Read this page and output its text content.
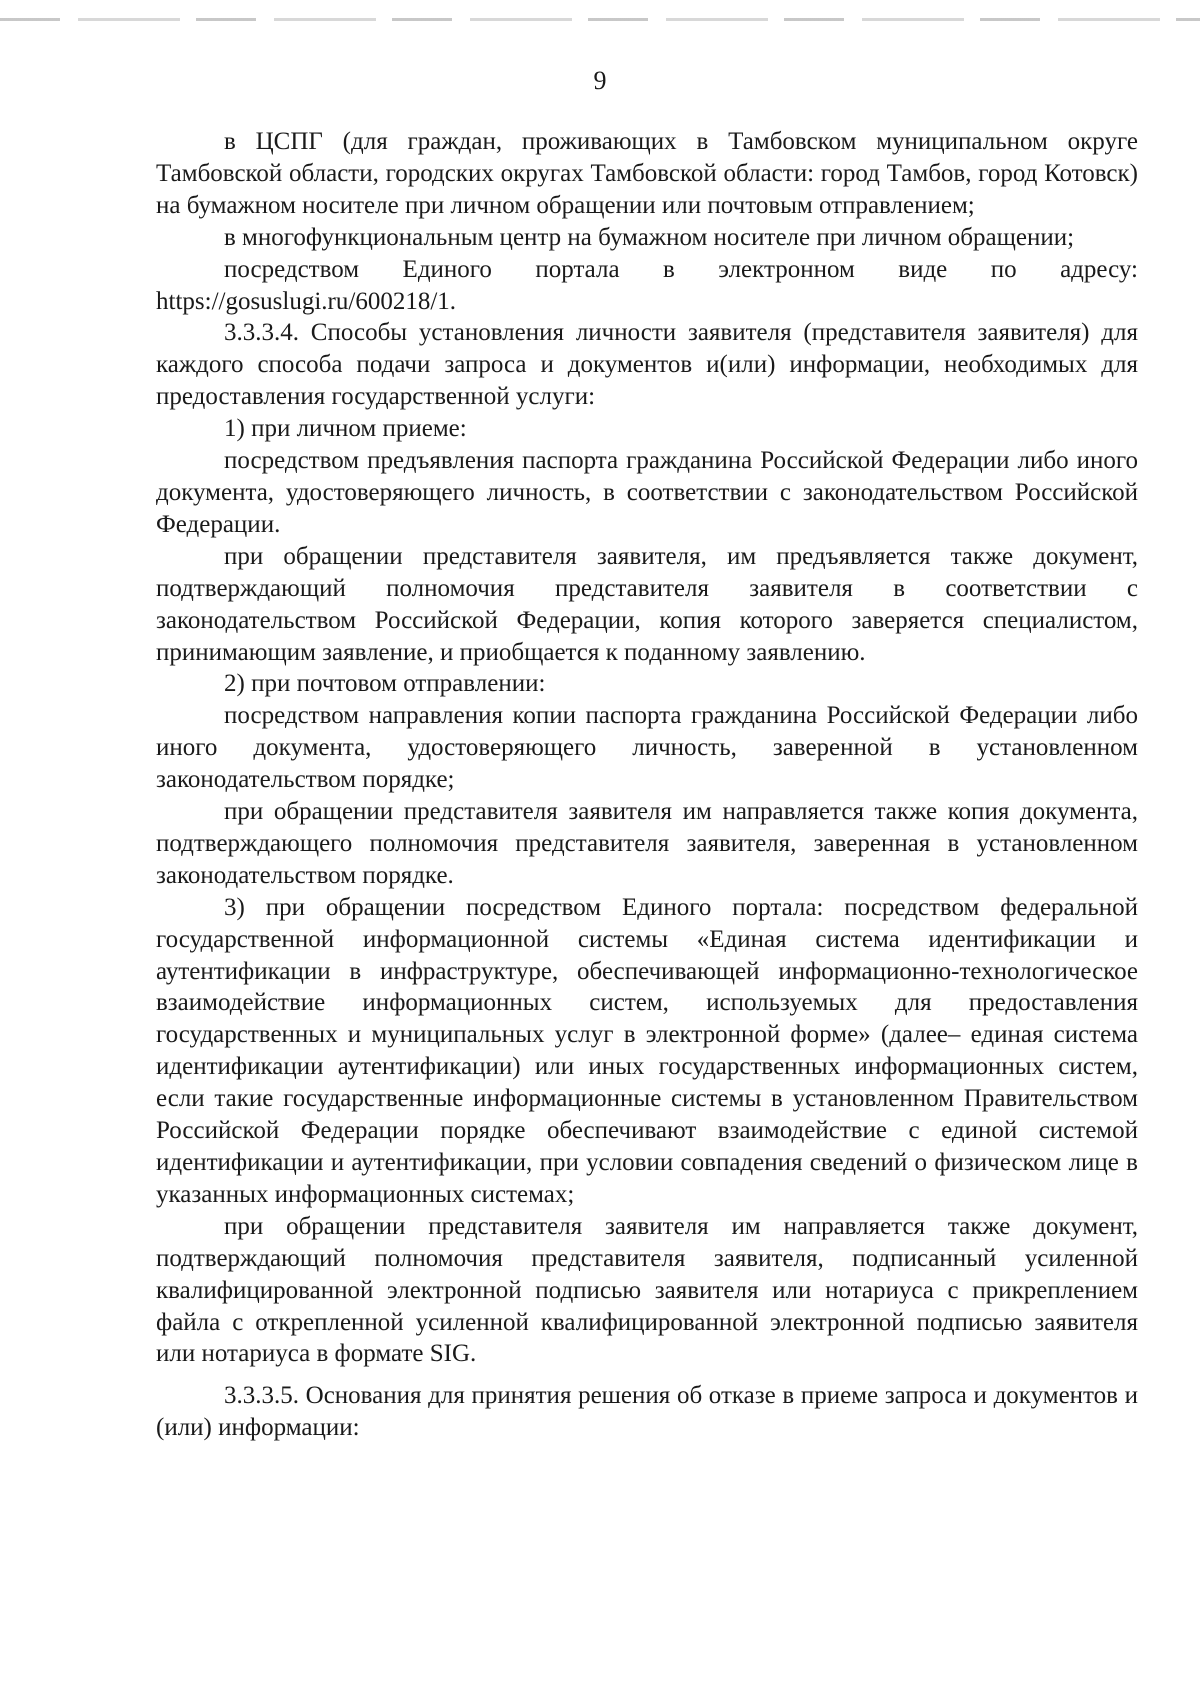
9

в ЦСПГ (для граждан, проживающих в Тамбовском муниципальном округе Тамбовской области, городских округах Тамбовской области: город Тамбов, город Котовск) на бумажном носителе при личном обращении или почтовым отправлением;

в многофункциональным центр на бумажном носителе при личном обращении;

посредством Единого портала в электронном виде по адресу: https://gosuslugi.ru/600218/1.

3.3.3.4. Способы установления личности заявителя (представителя заявителя) для каждого способа подачи запроса и документов и(или) информации, необходимых для предоставления государственной услуги:

1) при личном приеме:

посредством предъявления паспорта гражданина Российской Федерации либо иного документа, удостоверяющего личность, в соответствии с законодательством Российской Федерации.

при обращении представителя заявителя, им предъявляется также документ, подтверждающий полномочия представителя заявителя в соответствии с законодательством Российской Федерации, копия которого заверяется специалистом, принимающим заявление, и приобщается к поданному заявлению.

2) при почтовом отправлении:

посредством направления копии паспорта гражданина Российской Федерации либо иного документа, удостоверяющего личность, заверенной в установленном законодательством порядке;

при обращении представителя заявителя им направляется также копия документа, подтверждающего полномочия представителя заявителя, заверенная в установленном законодательством порядке.

3) при обращении посредством Единого портала: посредством федеральной государственной информационной системы «Единая система идентификации и аутентификации в инфраструктуре, обеспечивающей информационно-технологическое взаимодействие информационных систем, используемых для предоставления государственных и муниципальных услуг в электронной форме» (далее– единая система идентификации аутентификации) или иных государственных информационных систем, если такие государственные информационные системы в установленном Правительством Российской Федерации порядке обеспечивают взаимодействие с единой системой идентификации и аутентификации, при условии совпадения сведений о физическом лице в указанных информационных системах;

при обращении представителя заявителя им направляется также документ, подтверждающий полномочия представителя заявителя, подписанный усиленной квалифицированной электронной подписью заявителя или нотариуса с прикреплением файла с открепленной усиленной квалифицированной электронной подписью заявителя или нотариуса в формате SIG.

3.3.3.5. Основания для принятия решения об отказе в приеме запроса и документов и (или) информации:
